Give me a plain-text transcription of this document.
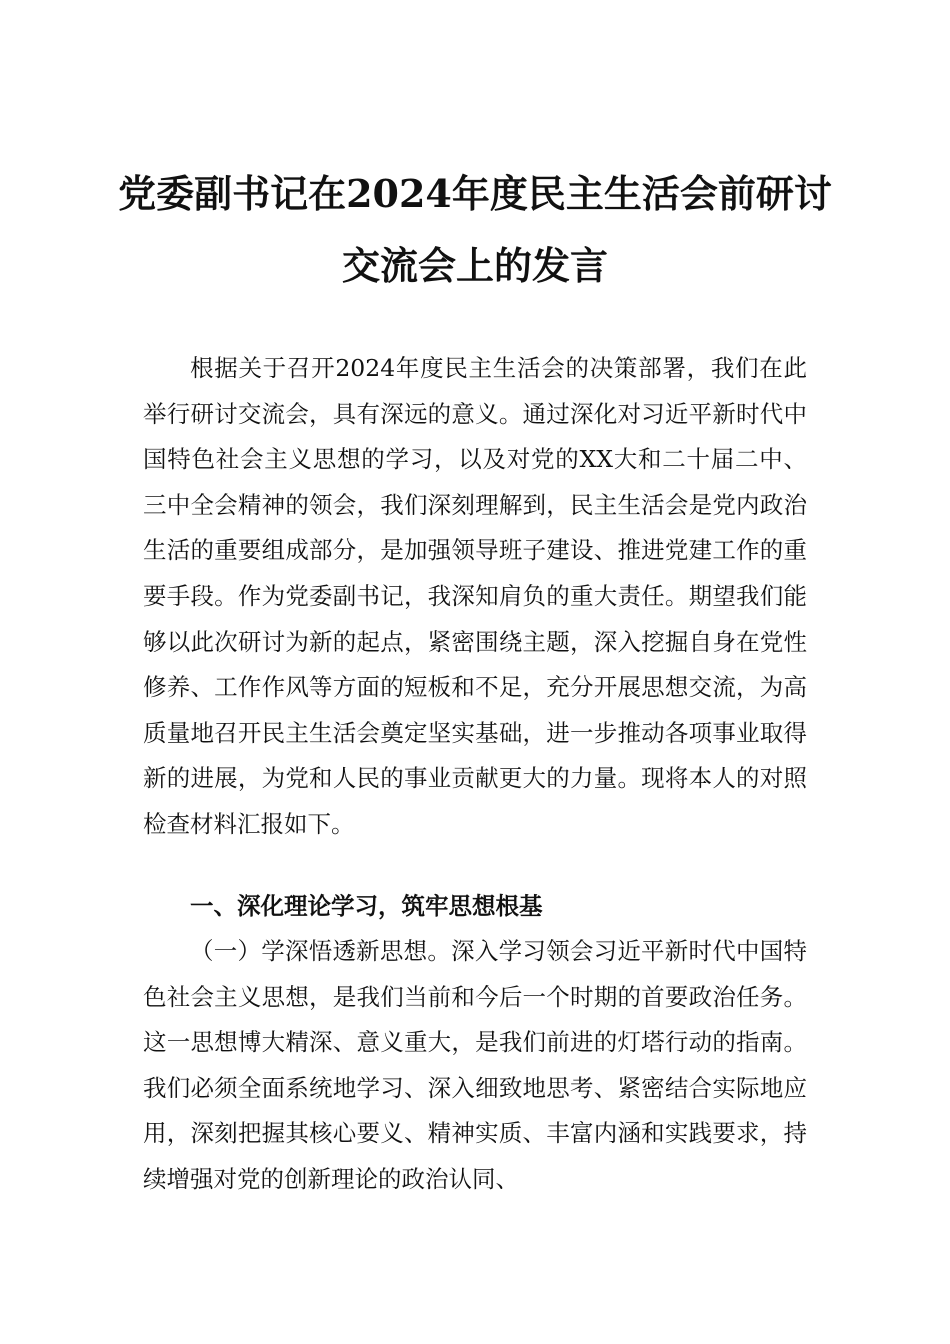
党委副书记在2024年度民主生活会前研讨
交流会上的发言

根据关于召开2024年度民主生活会的决策部署，我们在此举行研讨交流会，具有深远的意义。通过深化对习近平新时代中国特色社会主义思想的学习，以及对党的XX大和二十届二中、三中全会精神的领会，我们深刻理解到，民主生活会是党内政治生活的重要组成部分，是加强领导班子建设、推进党建工作的重要手段。作为党委副书记，我深知肩负的重大责任。期望我们能够以此次研讨为新的起点，紧密围绕主题，深入挖掘自身在党性修养、工作作风等方面的短板和不足，充分开展思想交流，为高质量地召开民主生活会奠定坚实基础，进一步推动各项事业取得新的进展，为党和人民的事业贡献更大的力量。现将本人的对照检查材料汇报如下。

一、深化理论学习，筑牢思想根基

（一）学深悟透新思想。深入学习领会习近平新时代中国特色社会主义思想，是我们当前和今后一个时期的首要政治任务。这一思想博大精深、意义重大，是我们前进的灯塔行动的指南。我们必须全面系统地学习、深入细致地思考、紧密结合实际地应用，深刻把握其核心要义、精神实质、丰富内涵和实践要求，持续增强对党的创新理论的政治认同、
